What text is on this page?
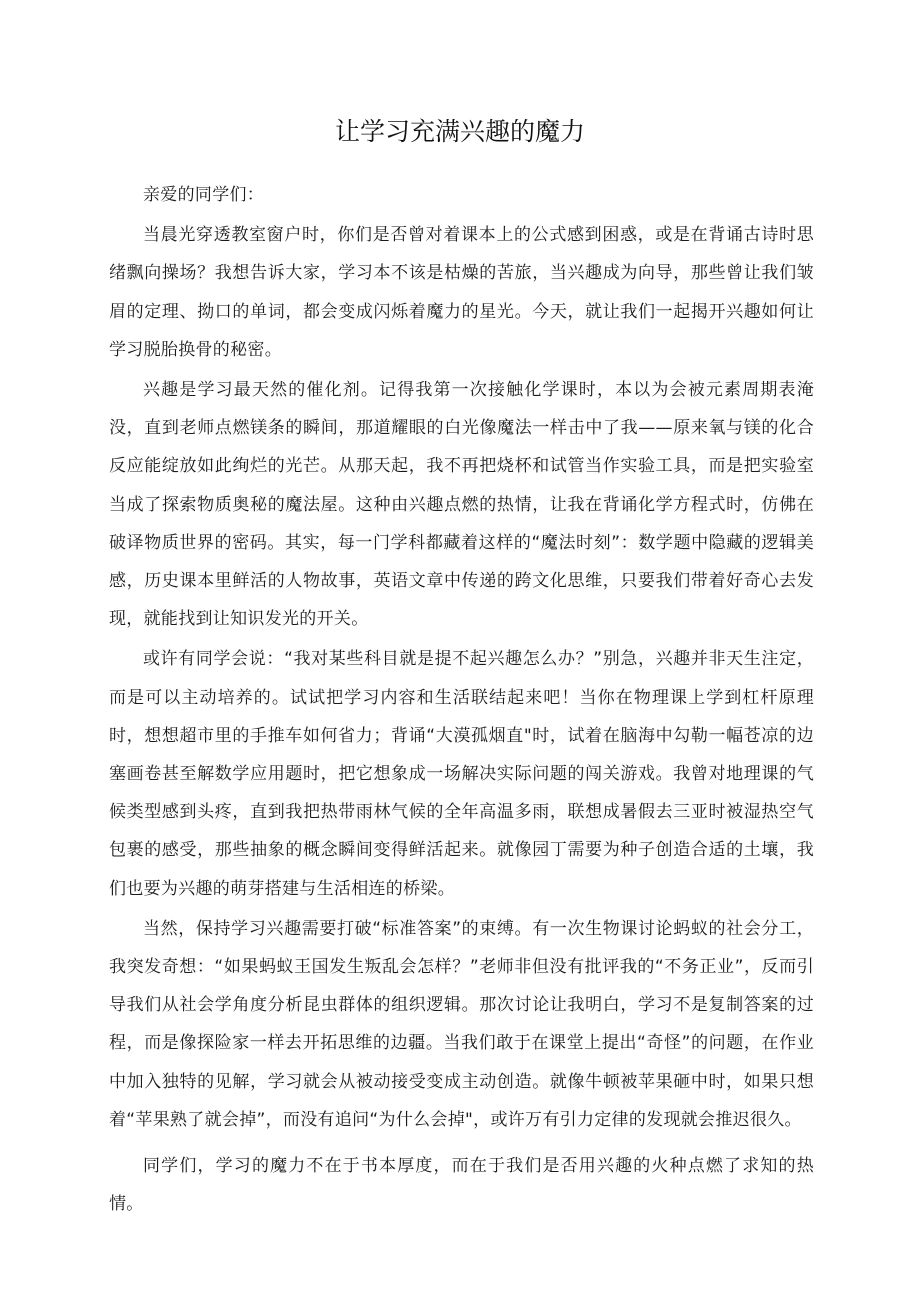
让学习充满兴趣的魔力

亲爱的同学们：

当晨光穿透教室窗户时，你们是否曾对着课本上的公式感到困惑，或是在背诵古诗时思绪飘向操场？我想告诉大家，学习本不该是枯燥的苦旅，当兴趣成为向导，那些曾让我们皱眉的定理、拗口的单词，都会变成闪烁着魔力的星光。今天，就让我们一起揭开兴趣如何让学习脱胎换骨的秘密。

兴趣是学习最天然的催化剂。记得我第一次接触化学课时，本以为会被元素周期表淹没，直到老师点燃镁条的瞬间，那道耀眼的白光像魔法一样击中了我——原来氧与镁的化合反应能绽放如此绚烂的光芒。从那天起，我不再把烧杯和试管当作实验工具，而是把实验室当成了探索物质奥秘的魔法屋。这种由兴趣点燃的热情，让我在背诵化学方程式时，仿佛在破译物质世界的密码。其实，每一门学科都藏着这样的“魔法时刻”：数学题中隐藏的逻辑美感，历史课本里鲜活的人物故事，英语文章中传递的跨文化思维，只要我们带着好奇心去发现，就能找到让知识发光的开关。

或许有同学会说：“我对某些科目就是提不起兴趣怎么办？”别急，兴趣并非天生注定，而是可以主动培养的。试试把学习内容和生活联结起来吧！当你在物理课上学到杠杆原理时，想想超市里的手推车如何省力；背诵“大漠孤烟直"时，试着在脑海中勾勒一幅苍凉的边塞画卷甚至解数学应用题时，把它想象成一场解决实际问题的闯关游戏。我曾对地理课的气候类型感到头疼，直到我把热带雨林气候的全年高温多雨，联想成暑假去三亚时被湿热空气包裹的感受，那些抽象的概念瞬间变得鲜活起来。就像园丁需要为种子创造合适的土壤，我们也要为兴趣的萌芽搭建与生活相连的桥梁。

当然，保持学习兴趣需要打破“标准答案”的束缚。有一次生物课讨论蚂蚁的社会分工，我突发奇想：“如果蚂蚁王国发生叛乱会怎样？”老师非但没有批评我的“不务正业”，反而引导我们从社会学角度分析昆虫群体的组织逻辑。那次讨论让我明白，学习不是复制答案的过程，而是像探险家一样去开拓思维的边疆。当我们敢于在课堂上提出“奇怪”的问题，在作业中加入独特的见解，学习就会从被动接受变成主动创造。就像牛顿被苹果砸中时，如果只想着“苹果熟了就会掉”，而没有追问“为什么会掉"，或许万有引力定律的发现就会推迟很久。

同学们，学习的魔力不在于书本厚度，而在于我们是否用兴趣的火种点燃了求知的热情。
